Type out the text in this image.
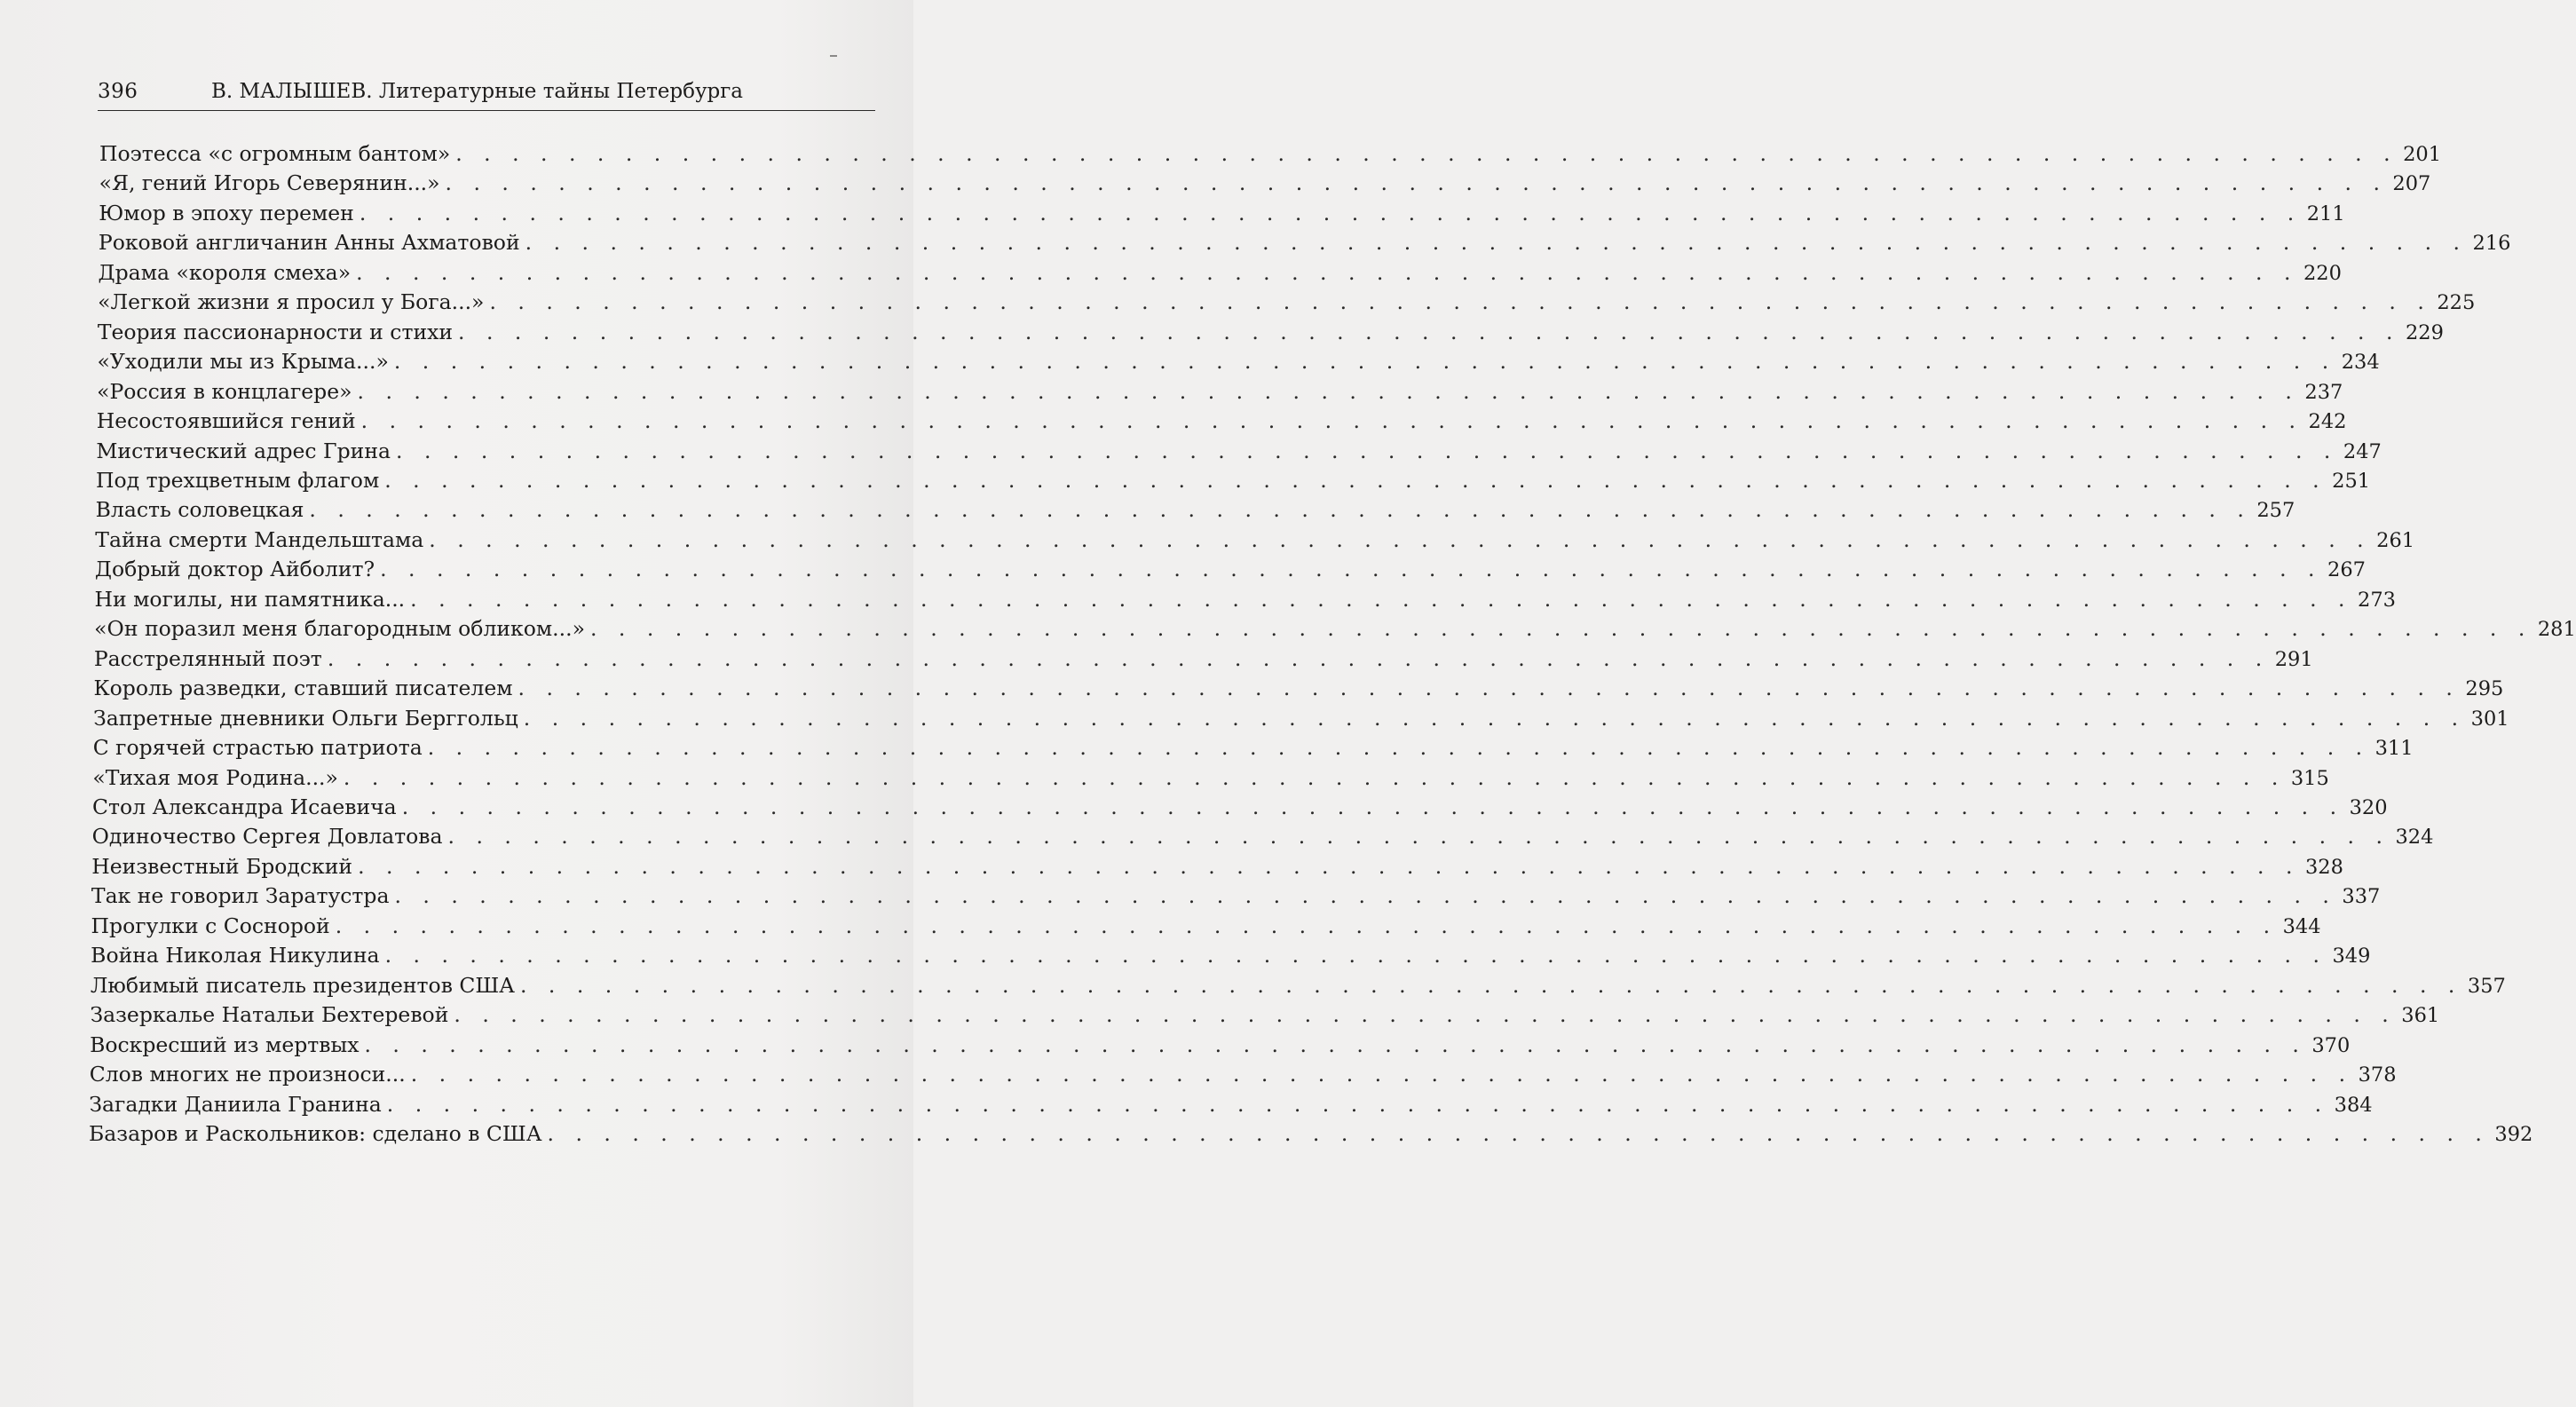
396	В. МАЛЫШЕВ. Литературные тайны Петербурга
Поэтесса «с огромным бантом» . . . . . . . . . . . . . . . . . . . . . . . . . . . . . . . . . . . . . . . . . . . . . . . . . . . . . . . . . . . . . . . . . . . . . 201
«Я, гений Игорь Северянин...» . . . . . . . . . . . . . . . . . . . . . . . . . . . . . . . . . . . . . . . . . . . . . . . . . . . . . . . . . . . . . . . . . . . . . 207
Юмор в эпоху перемен . . . . . . . . . . . . . . . . . . . . . . . . . . . . . . . . . . . . . . . . . . . . . . . . . . . . . . . . . . . . . . . . . . . . . 211
Роковой англичанин Анны Ахматовой . . . . . . . . . . . . . . . . . . . . . . . . . . . . . . . . . . . . . . . . . . . . . . . . . . . . . . . . . . . . . . . . . . . . . 216
Драма «короля смеха» . . . . . . . . . . . . . . . . . . . . . . . . . . . . . . . . . . . . . . . . . . . . . . . . . . . . . . . . . . . . . . . . . . . . . 220
«Легкой жизни я просил у Бога...» . . . . . . . . . . . . . . . . . . . . . . . . . . . . . . . . . . . . . . . . . . . . . . . . . . . . . . . . . . . . . . . . . . . . . 225
Теория пассионарности и стихи . . . . . . . . . . . . . . . . . . . . . . . . . . . . . . . . . . . . . . . . . . . . . . . . . . . . . . . . . . . . . . . . . . . . . 229
«Уходили мы из Крыма...» . . . . . . . . . . . . . . . . . . . . . . . . . . . . . . . . . . . . . . . . . . . . . . . . . . . . . . . . . . . . . . . . . . . . . 234
«Россия в концлагере» . . . . . . . . . . . . . . . . . . . . . . . . . . . . . . . . . . . . . . . . . . . . . . . . . . . . . . . . . . . . . . . . . . . . . 237
Несостоявшийся гений . . . . . . . . . . . . . . . . . . . . . . . . . . . . . . . . . . . . . . . . . . . . . . . . . . . . . . . . . . . . . . . . . . . . . 242
Мистический адрес Грина . . . . . . . . . . . . . . . . . . . . . . . . . . . . . . . . . . . . . . . . . . . . . . . . . . . . . . . . . . . . . . . . . . . . . 247
Под трехцветным флагом . . . . . . . . . . . . . . . . . . . . . . . . . . . . . . . . . . . . . . . . . . . . . . . . . . . . . . . . . . . . . . . . . . . . . 251
Власть соловецкая . . . . . . . . . . . . . . . . . . . . . . . . . . . . . . . . . . . . . . . . . . . . . . . . . . . . . . . . . . . . . . . . . . . . . 257
Тайна смерти Мандельштама . . . . . . . . . . . . . . . . . . . . . . . . . . . . . . . . . . . . . . . . . . . . . . . . . . . . . . . . . . . . . . . . . . . . . 261
Добрый доктор Айболит? . . . . . . . . . . . . . . . . . . . . . . . . . . . . . . . . . . . . . . . . . . . . . . . . . . . . . . . . . . . . . . . . . . . . . 267
Ни могилы, ни памятника... . . . . . . . . . . . . . . . . . . . . . . . . . . . . . . . . . . . . . . . . . . . . . . . . . . . . . . . . . . . . . . . . . . . . . 273
«Он поразил меня благородным обликом...» . . . . . . . . . . . . . . . . . . . . . . . . . . . . . . . . . . . . . . . . . . . . . . . . . . . . . . . . . . . . . . . . . . . . . 281
Расстрелянный поэт . . . . . . . . . . . . . . . . . . . . . . . . . . . . . . . . . . . . . . . . . . . . . . . . . . . . . . . . . . . . . . . . . . . . . 291
Король разведки, ставший писателем . . . . . . . . . . . . . . . . . . . . . . . . . . . . . . . . . . . . . . . . . . . . . . . . . . . . . . . . . . . . . . . . . . . . . 295
Запретные дневники Ольги Берггольц . . . . . . . . . . . . . . . . . . . . . . . . . . . . . . . . . . . . . . . . . . . . . . . . . . . . . . . . . . . . . . . . . . . . . 301
С горячей страстью патриота . . . . . . . . . . . . . . . . . . . . . . . . . . . . . . . . . . . . . . . . . . . . . . . . . . . . . . . . . . . . . . . . . . . . . 311
«Тихая моя Родина...» . . . . . . . . . . . . . . . . . . . . . . . . . . . . . . . . . . . . . . . . . . . . . . . . . . . . . . . . . . . . . . . . . . . . . 315
Стол Александра Исаевича . . . . . . . . . . . . . . . . . . . . . . . . . . . . . . . . . . . . . . . . . . . . . . . . . . . . . . . . . . . . . . . . . . . . . 320
Одиночество Сергея Довлатова . . . . . . . . . . . . . . . . . . . . . . . . . . . . . . . . . . . . . . . . . . . . . . . . . . . . . . . . . . . . . . . . . . . . . 324
Неизвестный Бродский . . . . . . . . . . . . . . . . . . . . . . . . . . . . . . . . . . . . . . . . . . . . . . . . . . . . . . . . . . . . . . . . . . . . . 328
Так не говорил Заратустра . . . . . . . . . . . . . . . . . . . . . . . . . . . . . . . . . . . . . . . . . . . . . . . . . . . . . . . . . . . . . . . . . . . . . 337
Прогулки с Соснорой . . . . . . . . . . . . . . . . . . . . . . . . . . . . . . . . . . . . . . . . . . . . . . . . . . . . . . . . . . . . . . . . . . . . . 344
Война Николая Никулина . . . . . . . . . . . . . . . . . . . . . . . . . . . . . . . . . . . . . . . . . . . . . . . . . . . . . . . . . . . . . . . . . . . . . 349
Любимый писатель президентов США . . . . . . . . . . . . . . . . . . . . . . . . . . . . . . . . . . . . . . . . . . . . . . . . . . . . . . . . . . . . . . . . . . . . . 357
Зазеркалье Натальи Бехтеревой . . . . . . . . . . . . . . . . . . . . . . . . . . . . . . . . . . . . . . . . . . . . . . . . . . . . . . . . . . . . . . . . . . . . . 361
Воскресший из мертвых . . . . . . . . . . . . . . . . . . . . . . . . . . . . . . . . . . . . . . . . . . . . . . . . . . . . . . . . . . . . . . . . . . . . . 370
Слов многих не произноси... . . . . . . . . . . . . . . . . . . . . . . . . . . . . . . . . . . . . . . . . . . . . . . . . . . . . . . . . . . . . . . . . . . . . . 378
Загадки Даниила Гранина . . . . . . . . . . . . . . . . . . . . . . . . . . . . . . . . . . . . . . . . . . . . . . . . . . . . . . . . . . . . . . . . . . . . . 384
Базаров и Раскольников: сделано в США . . . . . . . . . . . . . . . . . . . . . . . . . . . . . . . . . . . . . . . . . . . . . . . . . . . . . . . . . . . . . . . . . . . . . 392
